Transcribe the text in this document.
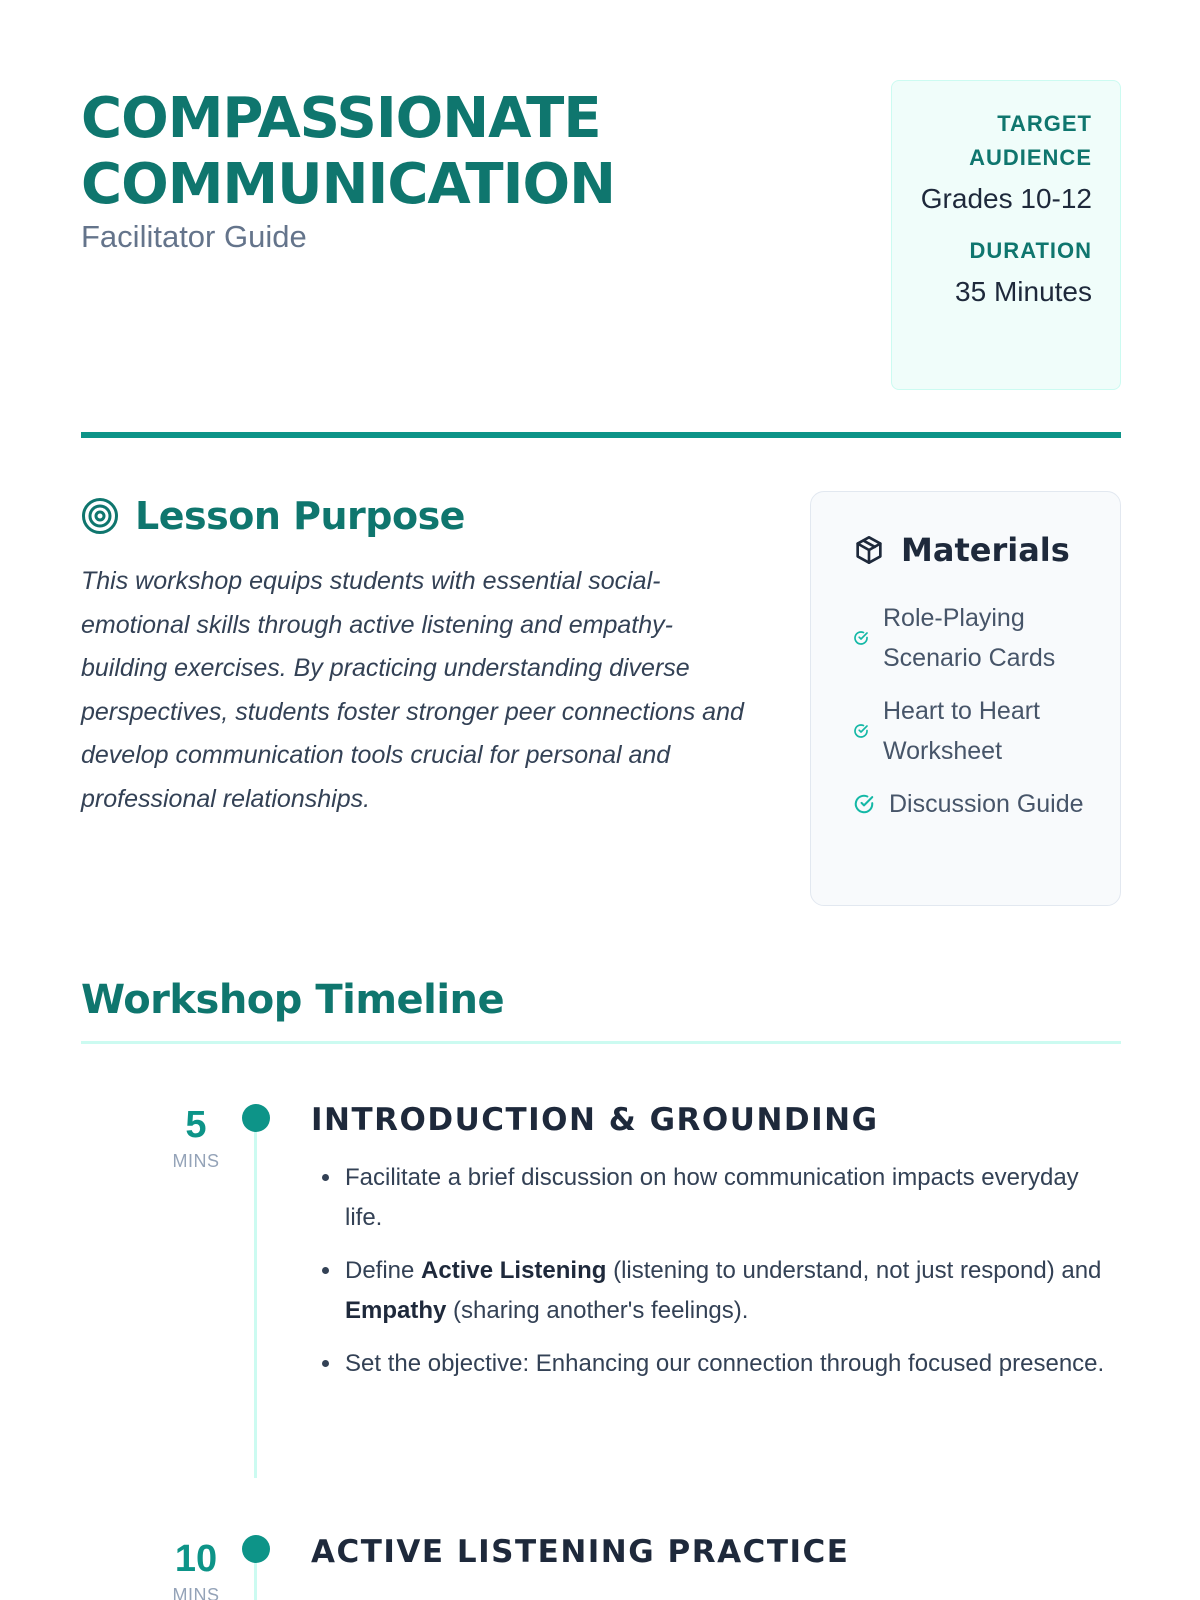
COMPASSIONATE
COMMUNICATION
Facilitator Guide
TARGET AUDIENCE
Grades 10-12
DURATION
35 Minutes
Lesson Purpose

This workshop equips students with essential social-emotional skills through active listening and empathy-building exercises. By practicing understanding diverse perspectives, students foster stronger peer connections and develop communication tools crucial for personal and professional relationships.

Materials
Role-Playing Scenario Cards
Heart to Heart Worksheet
Discussion Guide
Workshop Timeline
5
MINS
INTRODUCTION & GROUNDING
• Facilitate a brief discussion on how communication impacts everyday life.
• Define Active Listening (listening to understand, not just respond) and Empathy (sharing another's feelings).
• Set the objective: Enhancing our connection through focused presence.
10
MINS
ACTIVE LISTENING PRACTICE
